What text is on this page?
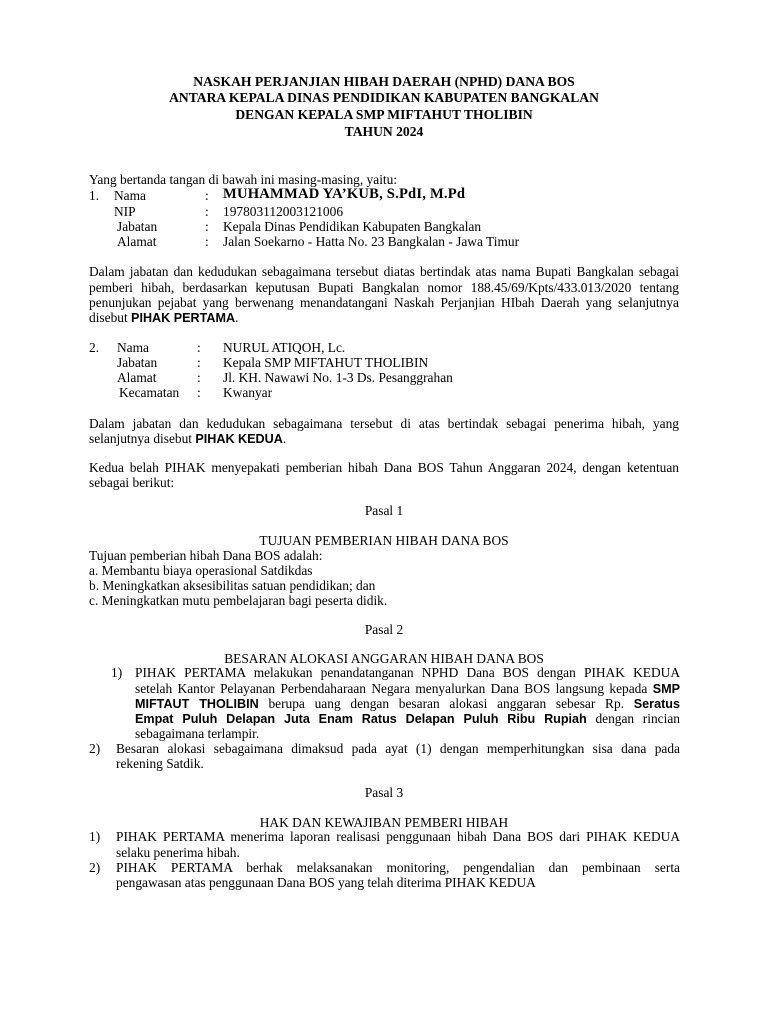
NASKAH PERJANJIAN HIBAH DAERAH (NPHD) DANA BOS
ANTARA KEPALA DINAS PENDIDIKAN KABUPATEN BANGKALAN
DENGAN KEPALA SMP MIFTAHUT THOLIBIN
TAHUN 2024
Yang bertanda tangan di bawah ini masing-masing, yaitu:
1. Nama	: MUHAMMAD YA’KUB, S.PdI, M.Pd
NIP	: 197803112003121006
Jabatan	: Kepala Dinas Pendidikan Kabupaten Bangkalan
Alamat	: Jalan Soekarno - Hatta No. 23 Bangkalan - Jawa Timur
Dalam jabatan dan kedudukan sebagaimana tersebut diatas bertindak atas nama Bupati Bangkalan sebagai
pemberi hibah, berdasarkan keputusan Bupati Bangkalan nomor 188.45/69/Kpts/433.013/2020 tentang
penunjukan pejabat yang berwenang menandatangani Naskah Perjanjian HIbah Daerah yang selanjutnya
disebut PIHAK PERTAMA.
2. Nama	: NURUL ATIQOH, Lc.
Jabatan	: Kepala SMP MIFTAHUT THOLIBIN
Alamat	: Jl. KH. Nawawi No. 1-3 Ds. Pesanggrahan
Kecamatan : Kwanyar
Dalam jabatan dan kedudukan sebagaimana tersebut di atas bertindak sebagai penerima hibah, yang
selanjutnya disebut PIHAK KEDUA.
Kedua belah PIHAK menyepakati pemberian hibah Dana BOS Tahun Anggaran 2024, dengan ketentuan
sebagai berikut:
Pasal 1
TUJUAN PEMBERIAN HIBAH DANA BOS
Tujuan pemberian hibah Dana BOS adalah:
a. Membantu biaya operasional Satdikdas
b. Meningkatkan aksesibilitas satuan pendidikan; dan
c. Meningkatkan mutu pembelajaran bagi peserta didik.
Pasal 2
BESARAN ALOKASI ANGGARAN HIBAH DANA BOS
1) PIHAK PERTAMA melakukan penandatanganan NPHD Dana BOS dengan PIHAK KEDUA
setelah Kantor Pelayanan Perbendaharaan Negara menyalurkan Dana BOS langsung kepada SMP
MIFTAUT THOLIBIN berupa uang dengan besaran alokasi anggaran sebesar Rp. Seratus
Empat Puluh Delapan Juta Enam Ratus Delapan Puluh Ribu Rupiah dengan rincian
sebagaimana terlampir.
2) Besaran alokasi sebagaimana dimaksud pada ayat (1) dengan memperhitungkan sisa dana pada
rekening Satdik.
Pasal 3
HAK DAN KEWAJIBAN PEMBERI HIBAH
1) PIHAK PERTAMA menerima laporan realisasi penggunaan hibah Dana BOS dari PIHAK KEDUA
selaku penerima hibah.
2) PIHAK PERTAMA berhak melaksanakan monitoring, pengendalian dan pembinaan serta
pengawasan atas penggunaan Dana BOS yang telah diterima PIHAK KEDUA
